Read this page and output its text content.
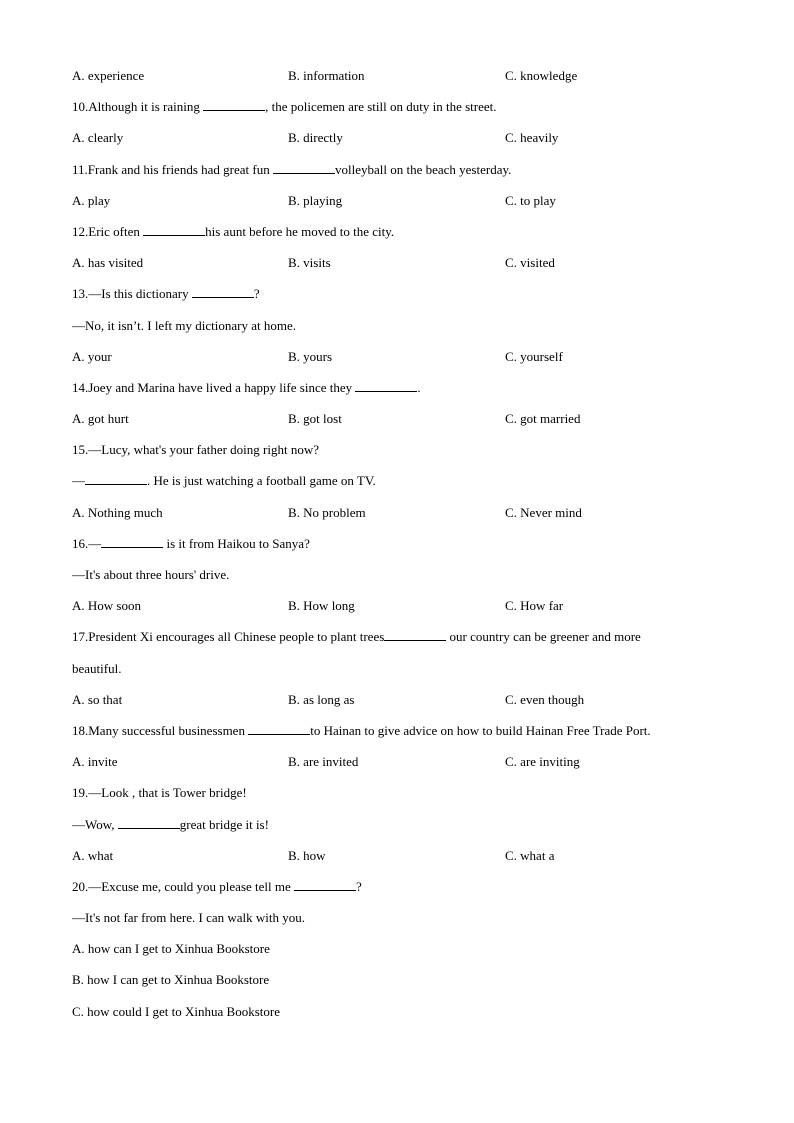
A. experience	B. information	C. knowledge
10.Although it is raining	, the policemen are still on duty in the street.
A. clearly	B. directly	C. heavily
11.Frank and his friends had great fun	volleyball on the beach yesterday.
A. play	B. playing	C. to play
12.Eric often	his aunt before he moved to the city.
A. has visited	B. visits	C. visited
13.—Is this dictionary	?
—No, it isn’t. I left my dictionary at home.
A. your	B. yours	C. yourself
14.Joey and Marina have lived a happy life since they	.
A. got hurt	B. got lost	C. got married
15.—Lucy, what's your father doing right now?
—	. He is just watching a football game on TV.
A. Nothing much	B. No problem	C. Never mind
16.—	is it from Haikou to Sanya?
—It's about three hours' drive.
A. How soon	B. How long	C. How far
17.President Xi encourages all Chinese people to plant trees	our country can be greener and more
beautiful.
A. so that	B. as long as	C. even though
18.Many successful businessmen	to Hainan to give advice on how to build Hainan Free Trade Port.
A. invite	B. are invited	C. are inviting
19.—Look , that is Tower bridge!
—Wow,	great bridge it is!
A. what	B. how	C. what a
20.—Excuse me, could you please tell me	?
—It's not far from here. I can walk with you.
A. how can I get to Xinhua Bookstore
B. how I can get to Xinhua Bookstore
C. how could I get to Xinhua Bookstore
